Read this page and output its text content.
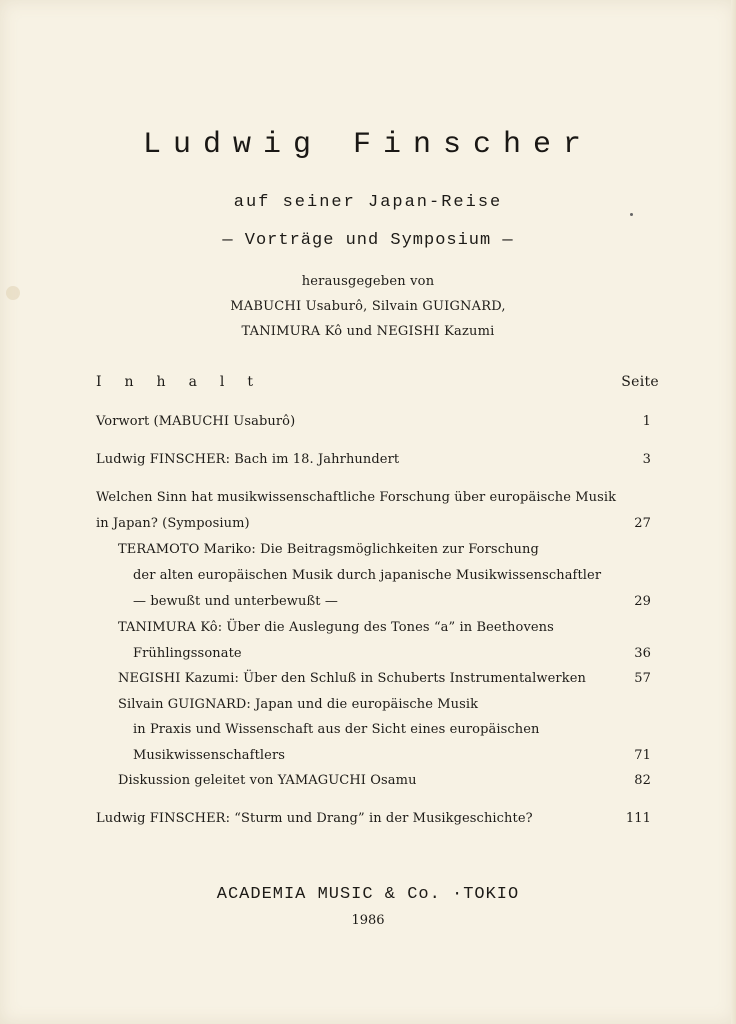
Ludwig Finscher
auf seiner Japan-Reise
— Vorträge und Symposium —
herausgegeben von
MABUCHI Usaburô, Silvain GUIGNARD,
TANIMURA Kô und NEGISHI Kazumi
Inhalt	Seite
Vorwort (MABUCHI Usaburô)	1
Ludwig FINSCHER: Bach im 18. Jahrhundert	3
Welchen Sinn hat musikwissenschaftliche Forschung über europäische Musik
in Japan? (Symposium)	27
TERAMOTO Mariko: Die Beitragsmöglichkeiten zur Forschung
der alten europäischen Musik durch japanische Musikwissenschaftler
— bewußt und unterbewußt —	29
TANIMURA Kô: Über die Auslegung des Tones “a” in Beethovens
Frühlingssonate	36
NEGISHI Kazumi: Über den Schluß in Schuberts Instrumentalwerken	57
Silvain GUIGNARD: Japan und die europäische Musik
in Praxis und Wissenschaft aus der Sicht eines europäischen
Musikwissenschaftlers	71
Diskussion geleitet von YAMAGUCHI Osamu	82
Ludwig FINSCHER: “Sturm und Drang” in der Musikgeschichte?	111
ACADEMIA MUSIC & Co. ·TOKIO
1986
